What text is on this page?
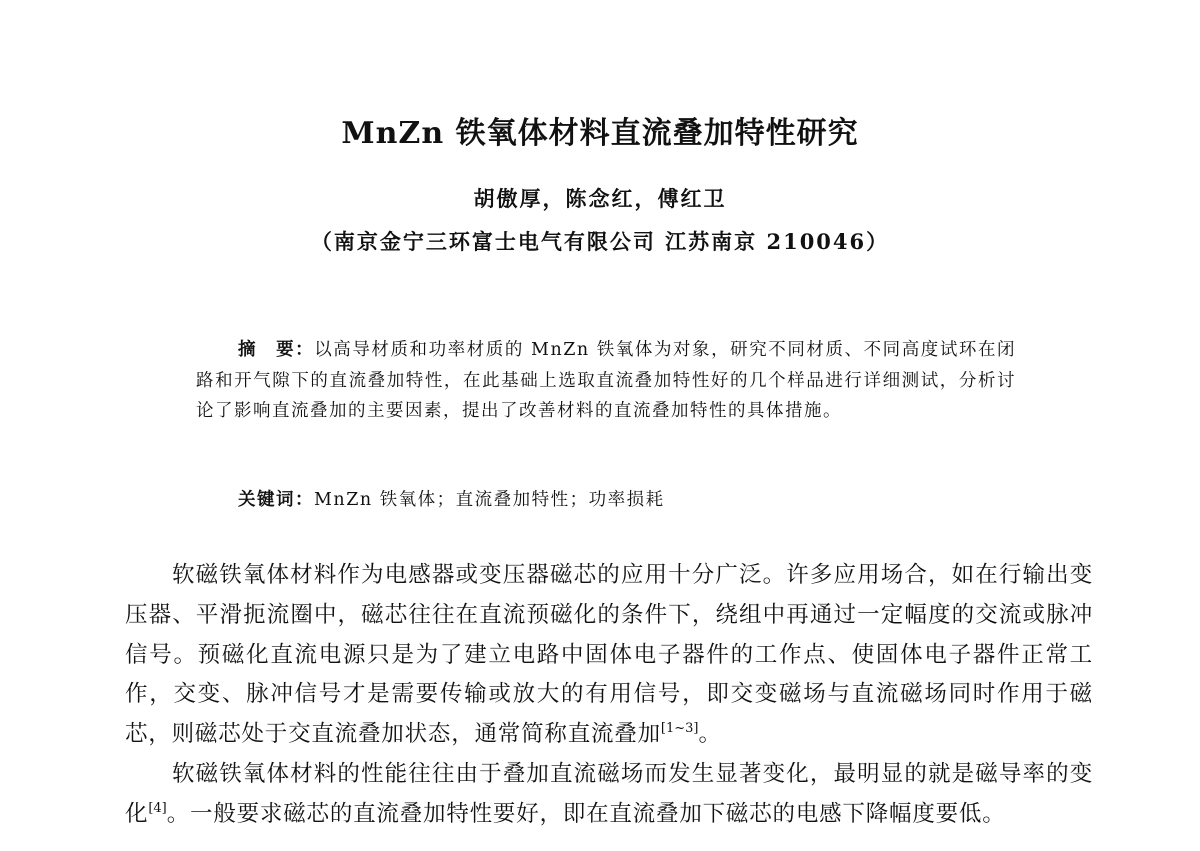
MnZn 铁氧体材料直流叠加特性研究
胡傲厚，陈念红，傅红卫
（南京金宁三环富士电气有限公司 江苏南京 210046）

摘　要：以高导材质和功率材质的 MnZn 铁氧体为对象，研究不同材质、不同高度试环在闭路和开气隙下的直流叠加特性，在此基础上选取直流叠加特性好的几个样品进行详细测试，分析讨论了影响直流叠加的主要因素，提出了改善材料的直流叠加特性的具体措施。

关键词：MnZn 铁氧体；直流叠加特性；功率损耗

软磁铁氧体材料作为电感器或变压器磁芯的应用十分广泛。许多应用场合，如在行输出变压器、平滑扼流圈中，磁芯往往在直流预磁化的条件下，绕组中再通过一定幅度的交流或脉冲信号。预磁化直流电源只是为了建立电路中固体电子器件的工作点、使固体电子器件正常工作，交变、脉冲信号才是需要传输或放大的有用信号，即交变磁场与直流磁场同时作用于磁芯，则磁芯处于交直流叠加状态，通常简称直流叠加[1~3]。

软磁铁氧体材料的性能往往由于叠加直流磁场而发生显著变化，最明显的就是磁导率的变化[4]。一般要求磁芯的直流叠加特性要好，即在直流叠加下磁芯的电感下降幅度要低。
